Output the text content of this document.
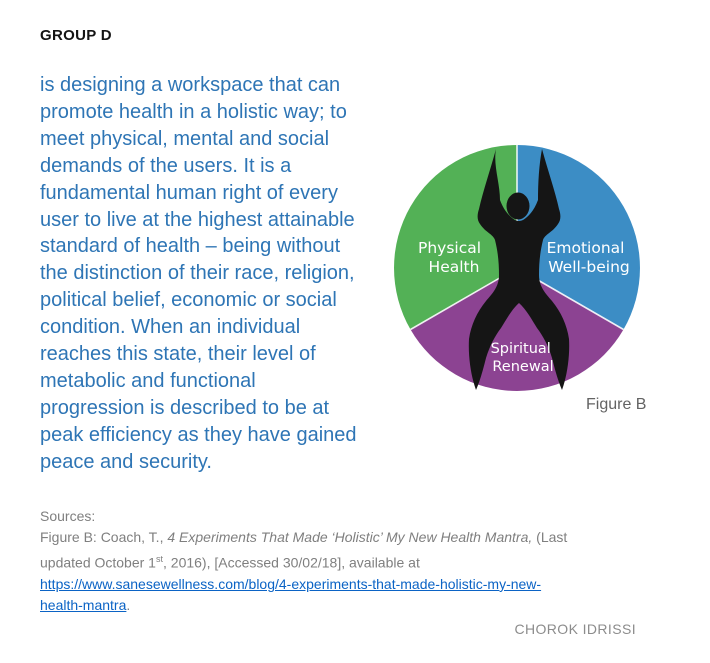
GROUP D
is designing a workspace that can
promote health in a holistic way; to
meet physical, mental and social
demands of the users. It is a
fundamental human right of every
user to live at the highest attainable
standard of health – being without
the distinction of their race, religion,
political belief, economic or social
condition. When an individual
reaches this state, their level of
metabolic and functional
progression is described to be at
peak efficiency as they have gained
peace and security.
Physical Health
Emotional Well-being
Spiritual Renewal
Figure B
Sources:
Figure B: Coach, T., 4 Experiments That Made ‘Holistic’ My New Health Mantra, (Last
updated October 1st, 2016), [Accessed 30/02/18], available at
https://www.sanesewellness.com/blog/4-experiments-that-made-holistic-my-new-
health-mantra.
CHOROK IDRISSI
